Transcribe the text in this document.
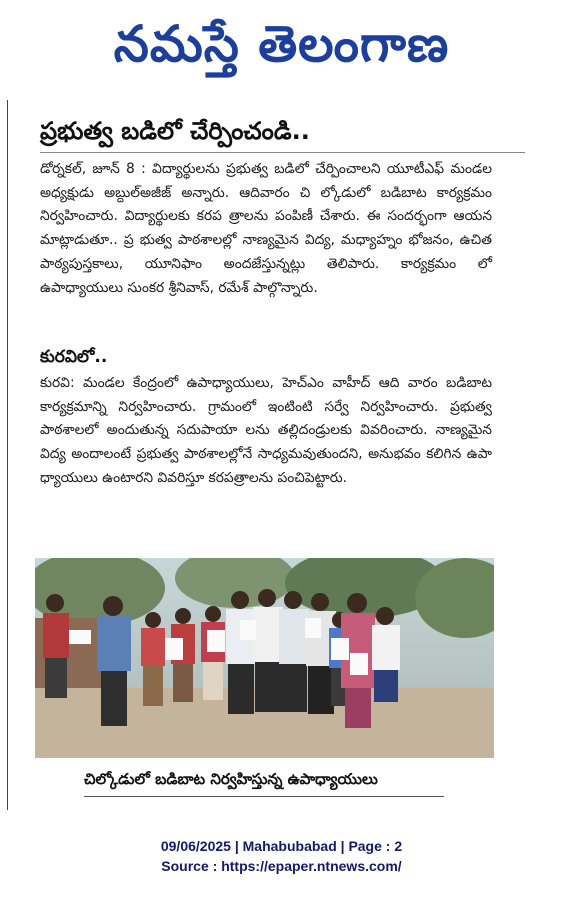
నమస్తే తెలంగాణ
ప్రభుత్వ బడిలో చేర్పించండి..
డోర్నకల్, జూన్ 8 : విద్యార్థులను ప్రభుత్వ బడిలో చేర్పించాలని యూటీఎఫ్ మండల అధ్యక్షుడు అబ్దుల్అజీజ్ అన్నారు. ఆదివారం చి ల్కోడులో బడిబాట కార్యక్రమం నిర్వహించారు. విద్యార్థులకు కరప త్రాలను పంపిణీ చేశారు. ఈ సందర్భంగా ఆయన మాట్లాడుతూ.. ప్ర భుత్వ పాఠశాలల్లో నాణ్యమైన విద్య, మధ్యాహ్నం భోజనం, ఉచిత పాఠ్యపుస్తకాలు, యూనిఫాం అందజేస్తున్నట్లు తెలిపారు. కార్యక్రమం లో ఉపాధ్యాయులు సుంకర శ్రీనివాస్, రమేశ్ పాల్గొన్నారు.
కురవిలో..
కురవి: మండల కేంద్రంలో ఉపాధ్యాయులు, హెచ్ఎం వాహీద్ ఆది వారం బడిబాట కార్యక్రమాన్ని నిర్వహించారు. గ్రామంలో ఇంటింటి సర్వే నిర్వహించారు. ప్రభుత్వ పాఠశాలలో అందుతున్న సదుపాయా లను తల్లిదండ్రులకు వివరించారు. నాణ్యమైన విద్య అందాలంటే ప్రభుత్వ పాఠశాలల్లోనే సాధ్యమవుతుందని, అనుభవం కలిగిన ఉపా ధ్యాయులు ఉంటారని వివరిస్తూ కరపత్రాలను పంచిపెట్టారు.
చిల్కోడులో బడిబాట నిర్వహిస్తున్న ఉపాధ్యాయులు
09/06/2025 | Mahabubabad | Page : 2
Source : https://epaper.ntnews.com/
